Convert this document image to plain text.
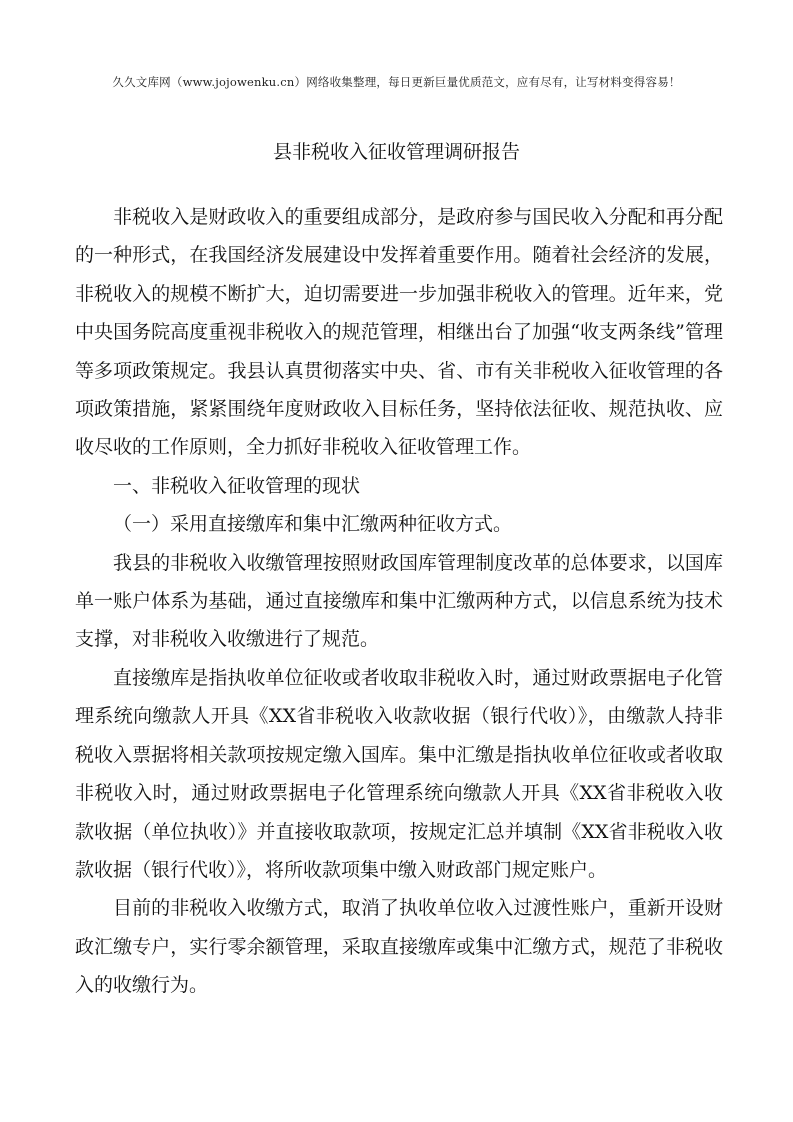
久久文库网（www.jojowenku.cn）网络收集整理，每日更新巨量优质范文，应有尽有，让写材料变得容易！
县非税收入征收管理调研报告

非税收入是财政收入的重要组成部分，是政府参与国民收入分配和再分配的一种形式，在我国经济发展建设中发挥着重要作用。随着社会经济的发展，非税收入的规模不断扩大，迫切需要进一步加强非税收入的管理。近年来，党中央国务院高度重视非税收入的规范管理，相继出台了加强“收支两条线”管理等多项政策规定。我县认真贯彻落实中央、省、市有关非税收入征收管理的各项政策措施，紧紧围绕年度财政收入目标任务，坚持依法征收、规范执收、应收尽收的工作原则，全力抓好非税收入征收管理工作。

一、非税收入征收管理的现状

（一）采用直接缴库和集中汇缴两种征收方式。

我县的非税收入收缴管理按照财政国库管理制度改革的总体要求，以国库单一账户体系为基础，通过直接缴库和集中汇缴两种方式，以信息系统为技术支撑，对非税收入收缴进行了规范。

直接缴库是指执收单位征收或者收取非税收入时，通过财政票据电子化管理系统向缴款人开具《XX省非税收入收款收据（银行代收）》，由缴款人持非税收入票据将相关款项按规定缴入国库。集中汇缴是指执收单位征收或者收取非税收入时，通过财政票据电子化管理系统向缴款人开具《XX省非税收入收款收据（单位执收）》并直接收取款项，按规定汇总并填制《XX省非税收入收款收据（银行代收）》，将所收款项集中缴入财政部门规定账户。

目前的非税收入收缴方式，取消了执收单位收入过渡性账户，重新开设财政汇缴专户，实行零余额管理，采取直接缴库或集中汇缴方式，规范了非税收入的收缴行为。
